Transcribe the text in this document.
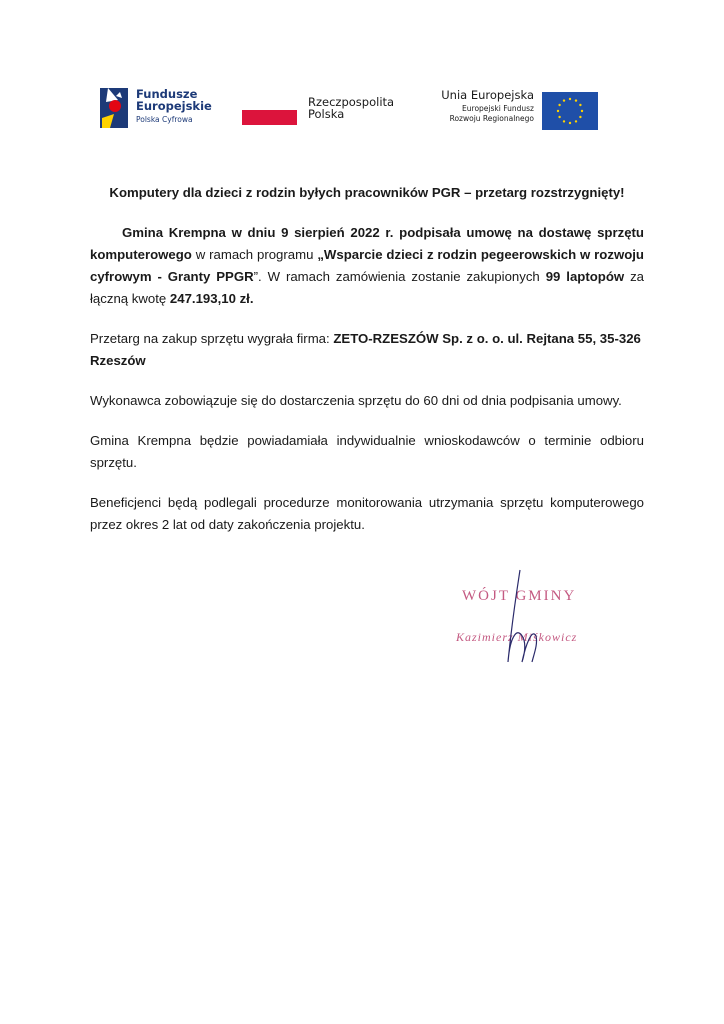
Fundusze
Europejskie
Polska Cyfrowa
Rzeczpospolita
Polska
Unia Europejska
Europejski Fundusz
Rozwoju Regionalnego
Komputery dla dzieci z rodzin byłych pracowników PGR – przetarg rozstrzygnięty!

Gmina Krempna w dniu 9 sierpień 2022 r. podpisała umowę na dostawę sprzętu komputerowego w ramach programu „Wsparcie dzieci z rodzin pegeerowskich w rozwoju cyfrowym - Granty PPGR”. W ramach zamówienia zostanie zakupionych 99 laptopów za łączną kwotę 247.193,10 zł.

Przetarg na zakup sprzętu wygrała firma: ZETO-RZESZÓW Sp. z o. o. ul. Rejtana 55, 35-326 Rzeszów

Wykonawca zobowiązuje się do dostarczenia sprzętu do 60 dni od dnia podpisania umowy.

Gmina Krempna będzie powiadamiała indywidualnie wnioskodawców o terminie odbioru sprzętu.

Beneficjenci będą podlegali procedurze monitorowania utrzymania sprzętu komputerowego przez okres 2 lat od daty zakończenia projektu.

WÓJT GMINY
Kazimierz Miśkowicz
